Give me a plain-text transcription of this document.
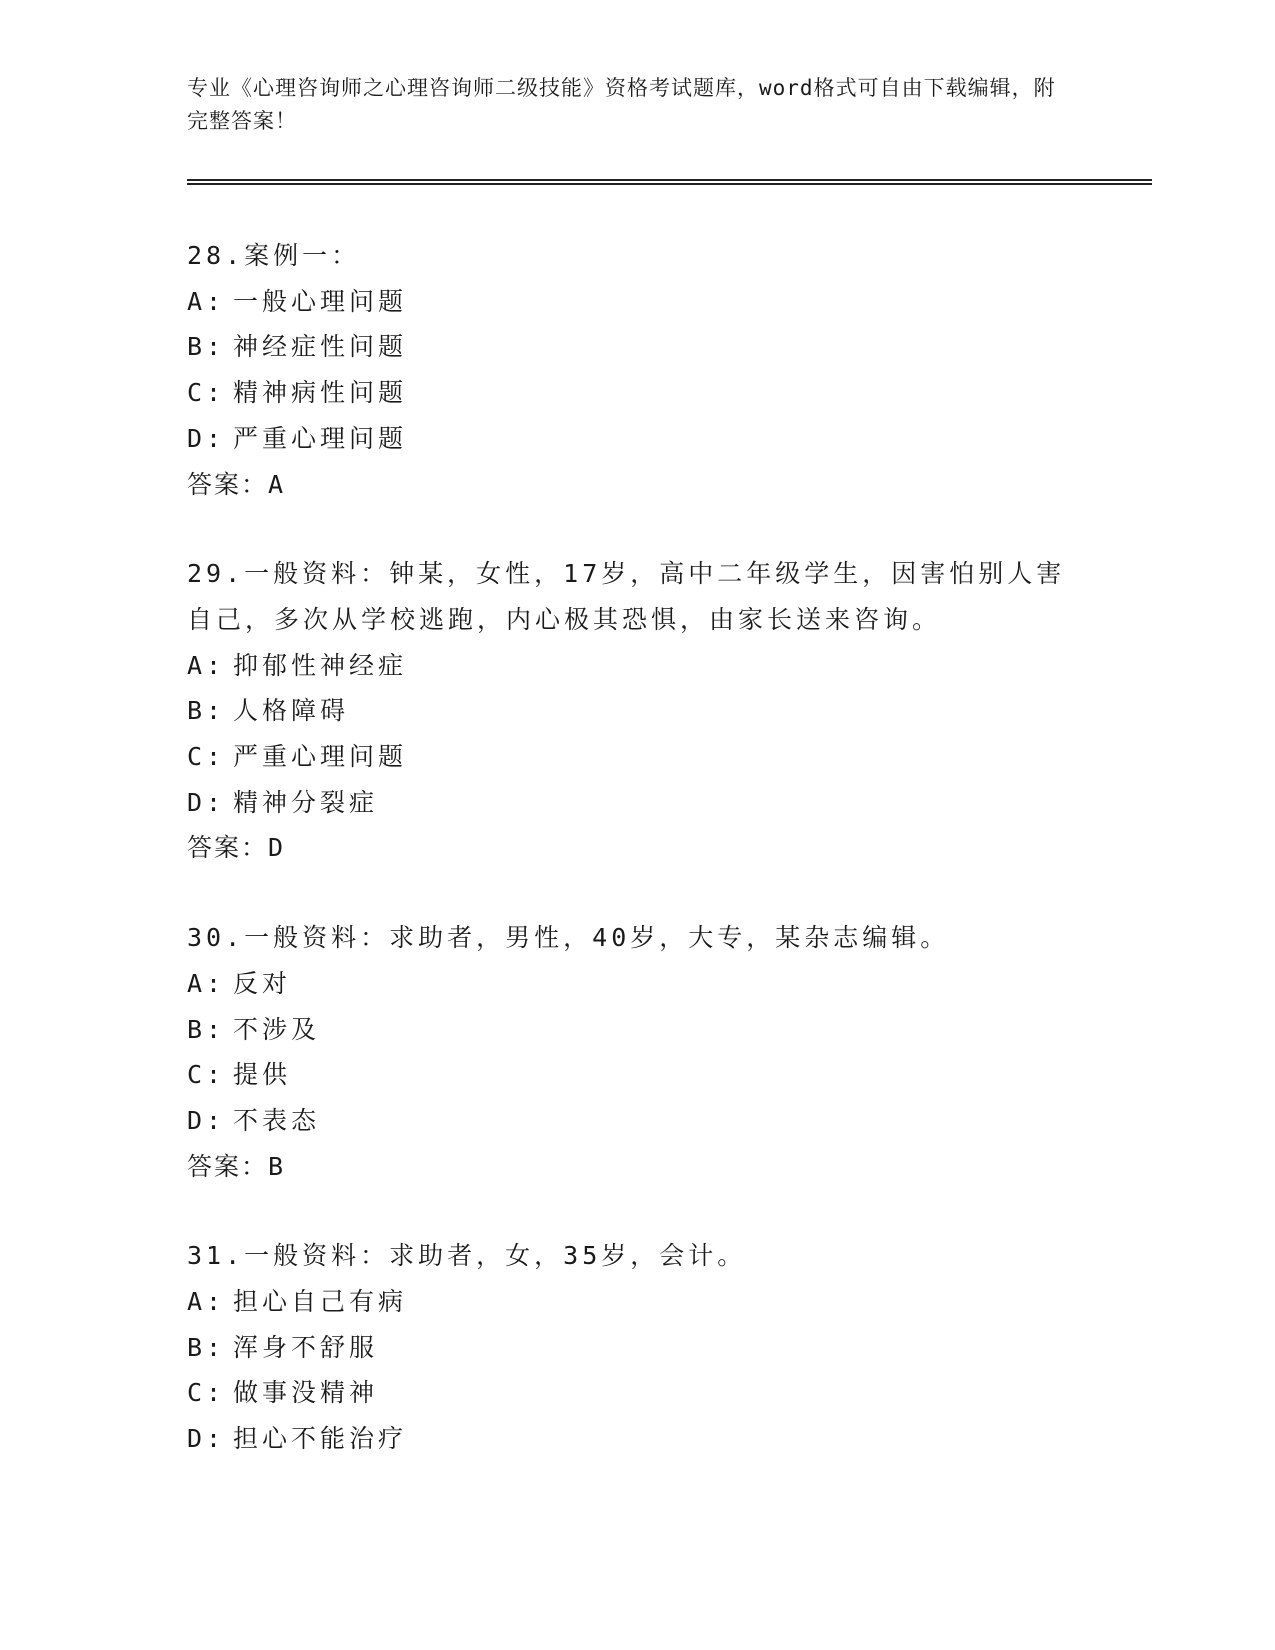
专业《心理咨询师之心理咨询师二级技能》资格考试题库，word格式可自由下载编辑，附完整答案！
28.案例一：
A: 一般心理问题
B: 神经症性问题
C: 精神病性问题
D: 严重心理问题
答案：A
29.一般资料：钟某，女性，17岁，高中二年级学生，因害怕别人害自己，多次从学校逃跑，内心极其恐惧，由家长送来咨询。
A: 抑郁性神经症
B: 人格障碍
C: 严重心理问题
D: 精神分裂症
答案：D
30.一般资料：求助者，男性，40岁，大专，某杂志编辑。
A: 反对
B: 不涉及
C: 提供
D: 不表态
答案：B
31.一般资料：求助者，女，35岁，会计。
A: 担心自己有病
B: 浑身不舒服
C: 做事没精神
D: 担心不能治疗
